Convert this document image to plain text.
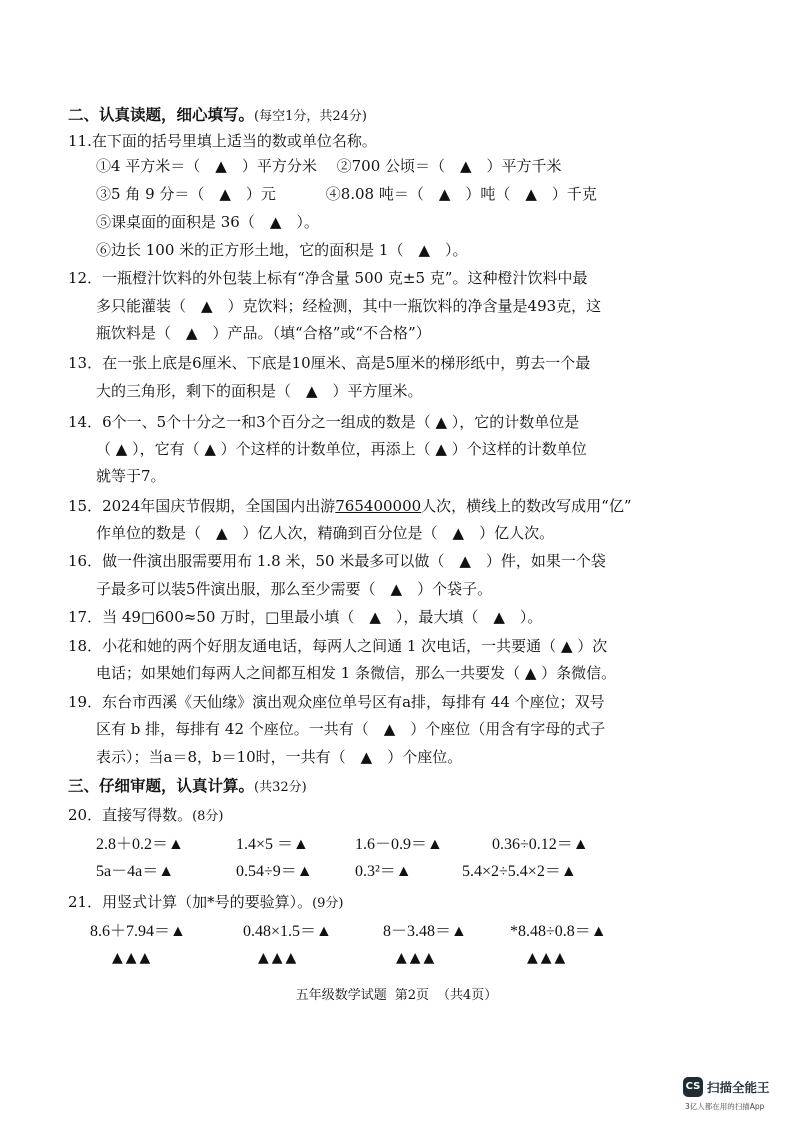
二、认真读题，细心填写。(每空1分，共24分)
11.在下面的括号里填上适当的数或单位名称。
①4 平方米＝（　▲　）平方分米　 ②700 公顷＝（　▲　）平方千米
③5 角 9 分＝（　▲　）元　　　 ④8.08 吨＝（　▲　）吨（　▲　）千克
⑤课桌面的面积是 36（　▲　）。
⑥边长 100 米的正方形土地，它的面积是 1（　▲　）。
12．一瓶橙汁饮料的外包装上标有“净含量 500 克±5 克”。这种橙汁饮料中最
多只能灌装（　▲　）克饮料；经检测，其中一瓶饮料的净含量是493克，这
瓶饮料是（　▲　）产品。（填“合格”或“不合格”）
13．在一张上底是6厘米、下底是10厘米、高是5厘米的梯形纸中，剪去一个最
大的三角形，剩下的面积是（　▲　）平方厘米。
14．6个一、5个十分之一和3个百分之一组成的数是（ ▲ ），它的计数单位是
（ ▲ ），它有（ ▲ ）个这样的计数单位，再添上（ ▲ ）个这样的计数单位
就等于7。
15．2024年国庆节假期，全国国内出游765400000人次，横线上的数改写成用“亿”
作单位的数是（　▲　）亿人次，精确到百分位是（　▲　）亿人次。
16．做一件演出服需要用布 1.8 米，50 米最多可以做（　▲　）件，如果一个袋
子最多可以装5件演出服，那么至少需要（　▲　）个袋子。
17．当 49□600≈50 万时，□里最小填（　▲　），最大填（　▲　）。
18．小花和她的两个好朋友通电话，每两人之间通 1 次电话，一共要通（ ▲ ）次
电话；如果她们每两人之间都互相发 1 条微信，那么一共要发（ ▲ ）条微信。
19．东台市西溪《天仙缘》演出观众座位单号区有a排，每排有 44 个座位；双号
区有 b 排，每排有 42 个座位。一共有（　▲　）个座位（用含有字母的式子
表示）；当a＝8，b＝10时，一共有（　▲　）个座位。
三、仔细审题，认真计算。(共32分)
20．直接写得数。(8分)
2.8＋0.2＝▲	1.4×5 ＝▲	1.6－0.9＝▲	0.36÷0.12＝▲
5a－4a＝▲	0.54÷9＝▲	0.3²＝▲	5.4×2÷5.4×2＝▲
21．用竖式计算（加*号的要验算）。(9分)
8.6＋7.94＝▲	0.48×1.5＝▲	8－3.48＝▲	*8.48÷0.8＝▲
▲▲▲	▲▲▲	▲▲▲	▲▲▲
五年级数学试题 第2页 （共4页）
CS 扫描全能王
3亿人都在用的扫描App
